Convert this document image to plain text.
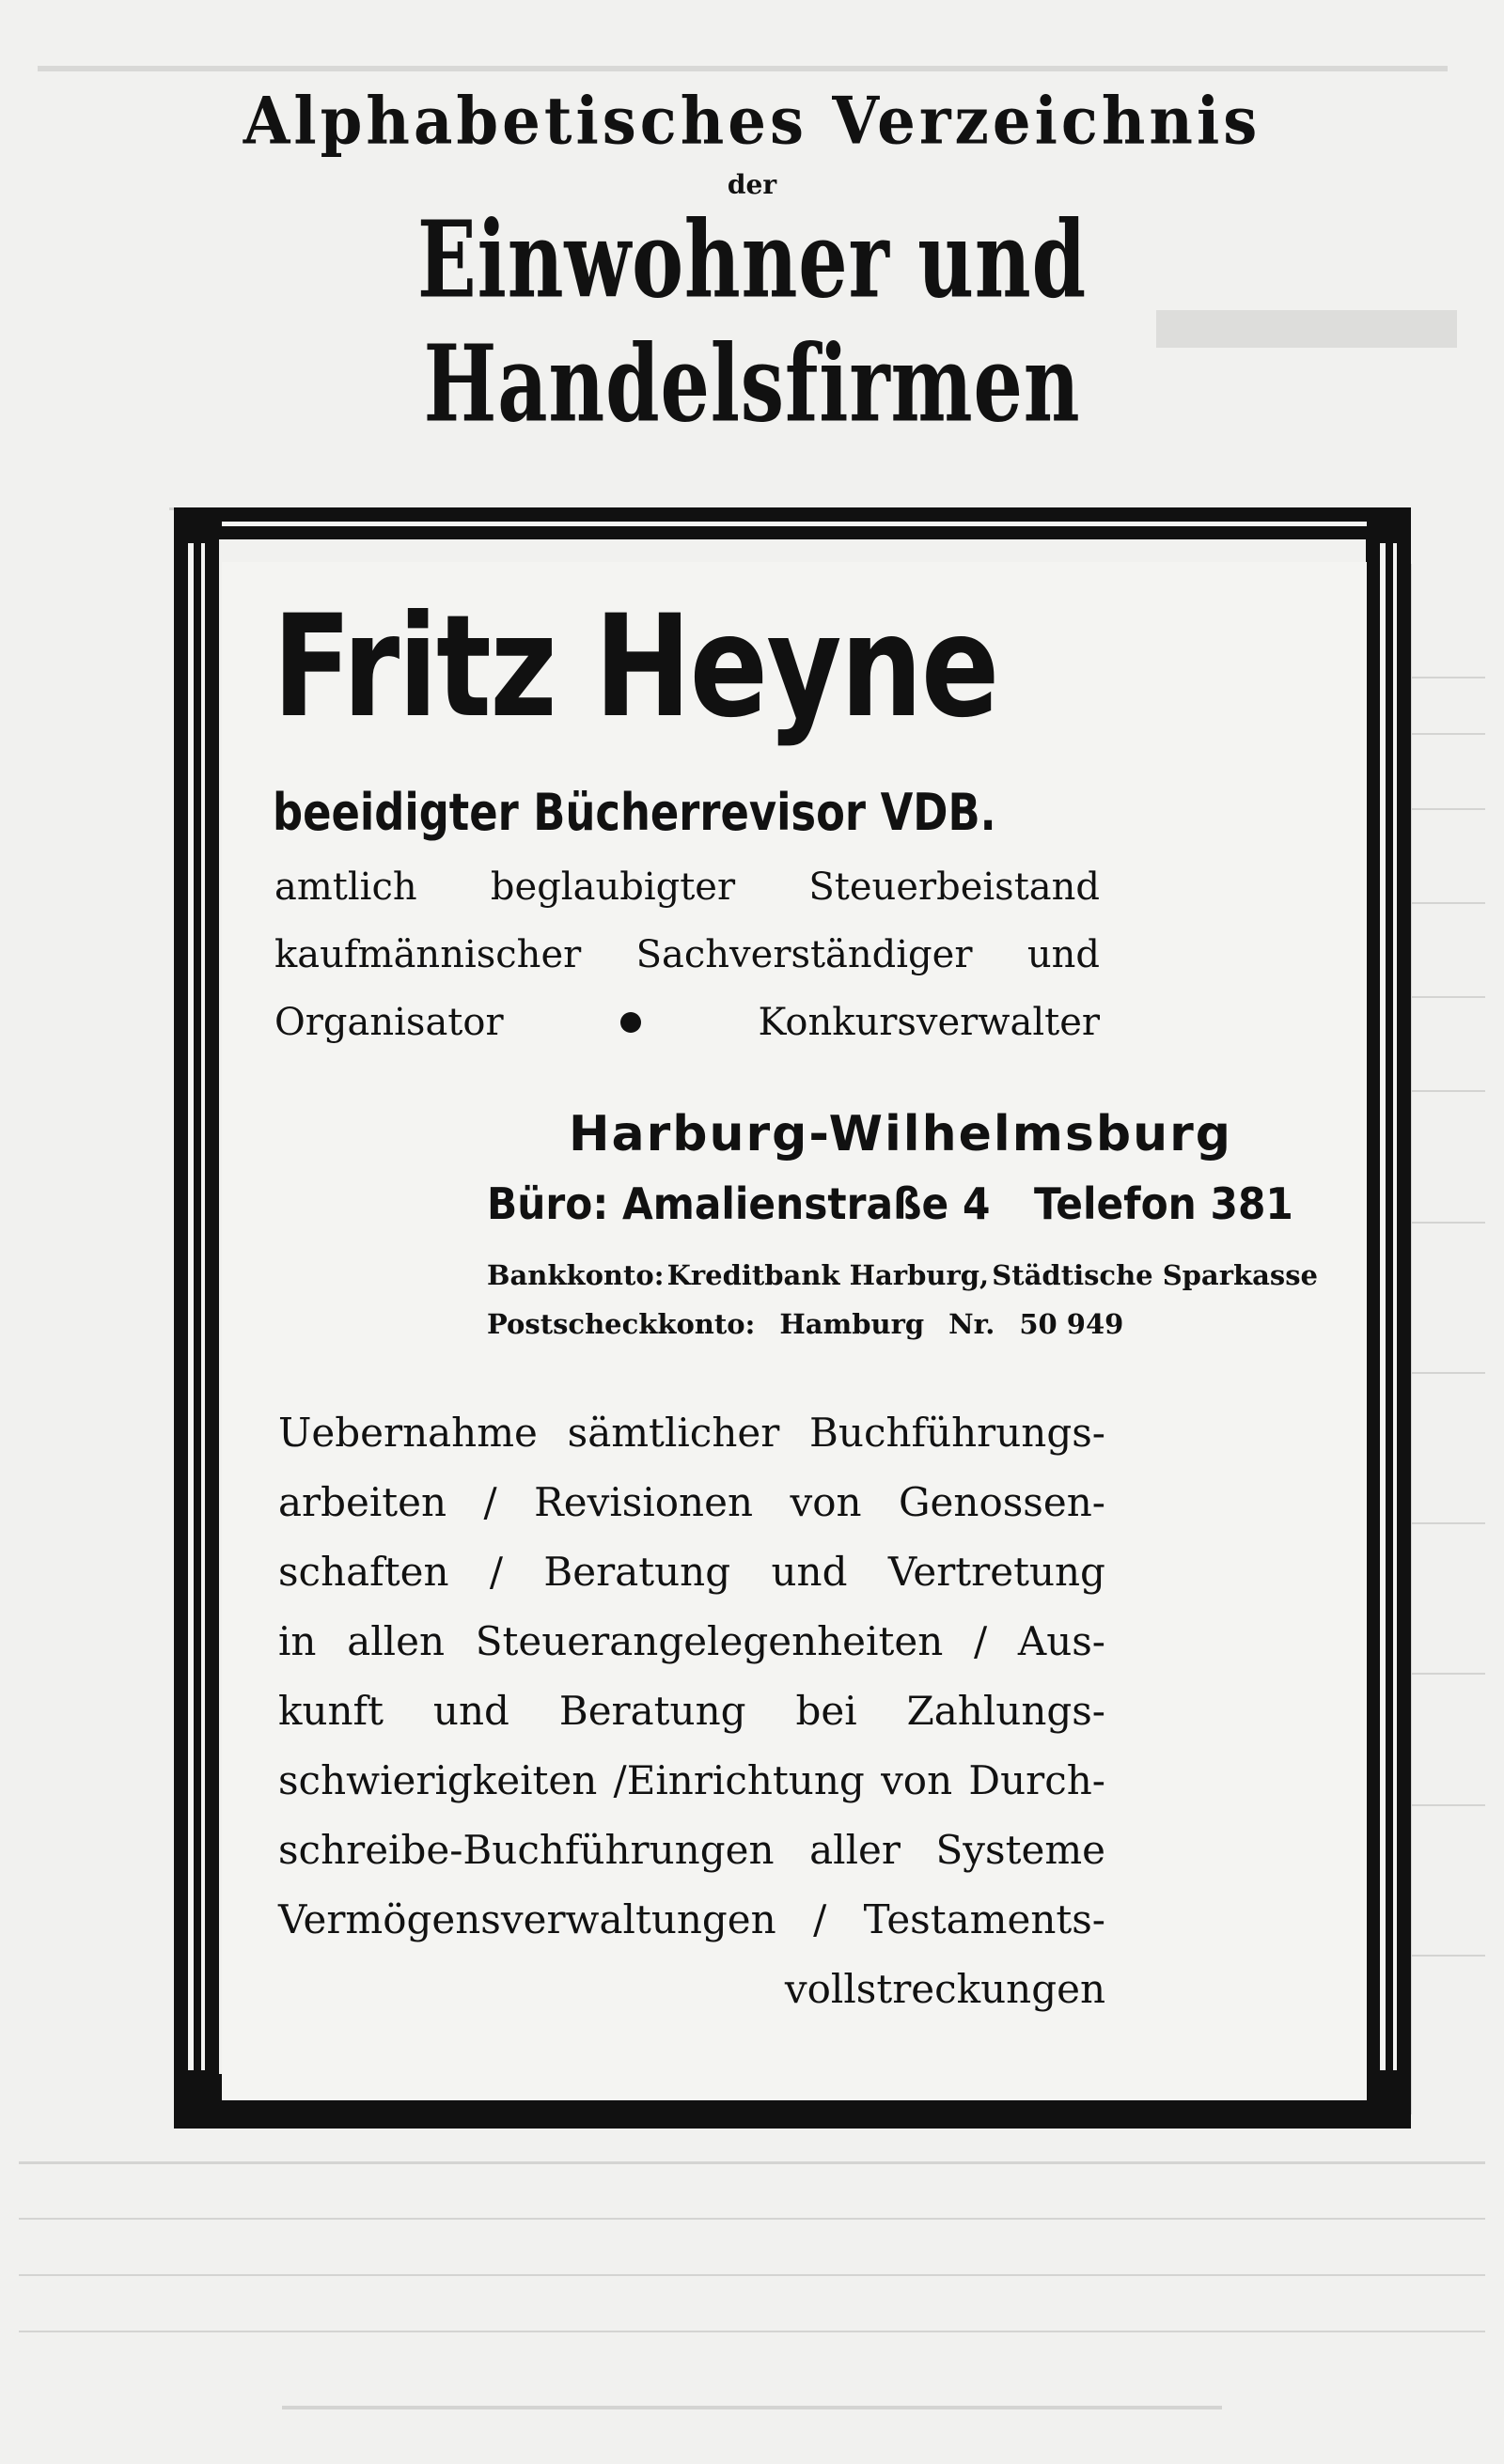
Alphabetisches Verzeichnis
der
Einwohner und Handelsfirmen
Fritz Heyne
beeidigter Bücherrevisor VDB.
amtlich beglaubigter Steuerbeistand
kaufmännischer Sachverständiger und
Organisator	Konkursverwalter
Harburg-Wilhelmsburg
Büro: Amalienstraße 4 Telefon 381
Bankkonto: Kreditbank Harburg, Städtische Sparkasse
Postscheckkonto: Hamburg Nr. 50 949
Uebernahme sämtlicher Buchführungs-
arbeiten / Revisionen von Genossen-
schaften / Beratung und Vertretung
in allen Steuerangelegenheiten / Aus-
kunft und Beratung bei Zahlungs-
schwierigkeiten /Einrichtung von Durch-
schreibe-Buchführungen aller Systeme
Vermögensverwaltungen / Testaments-
vollstreckungen
